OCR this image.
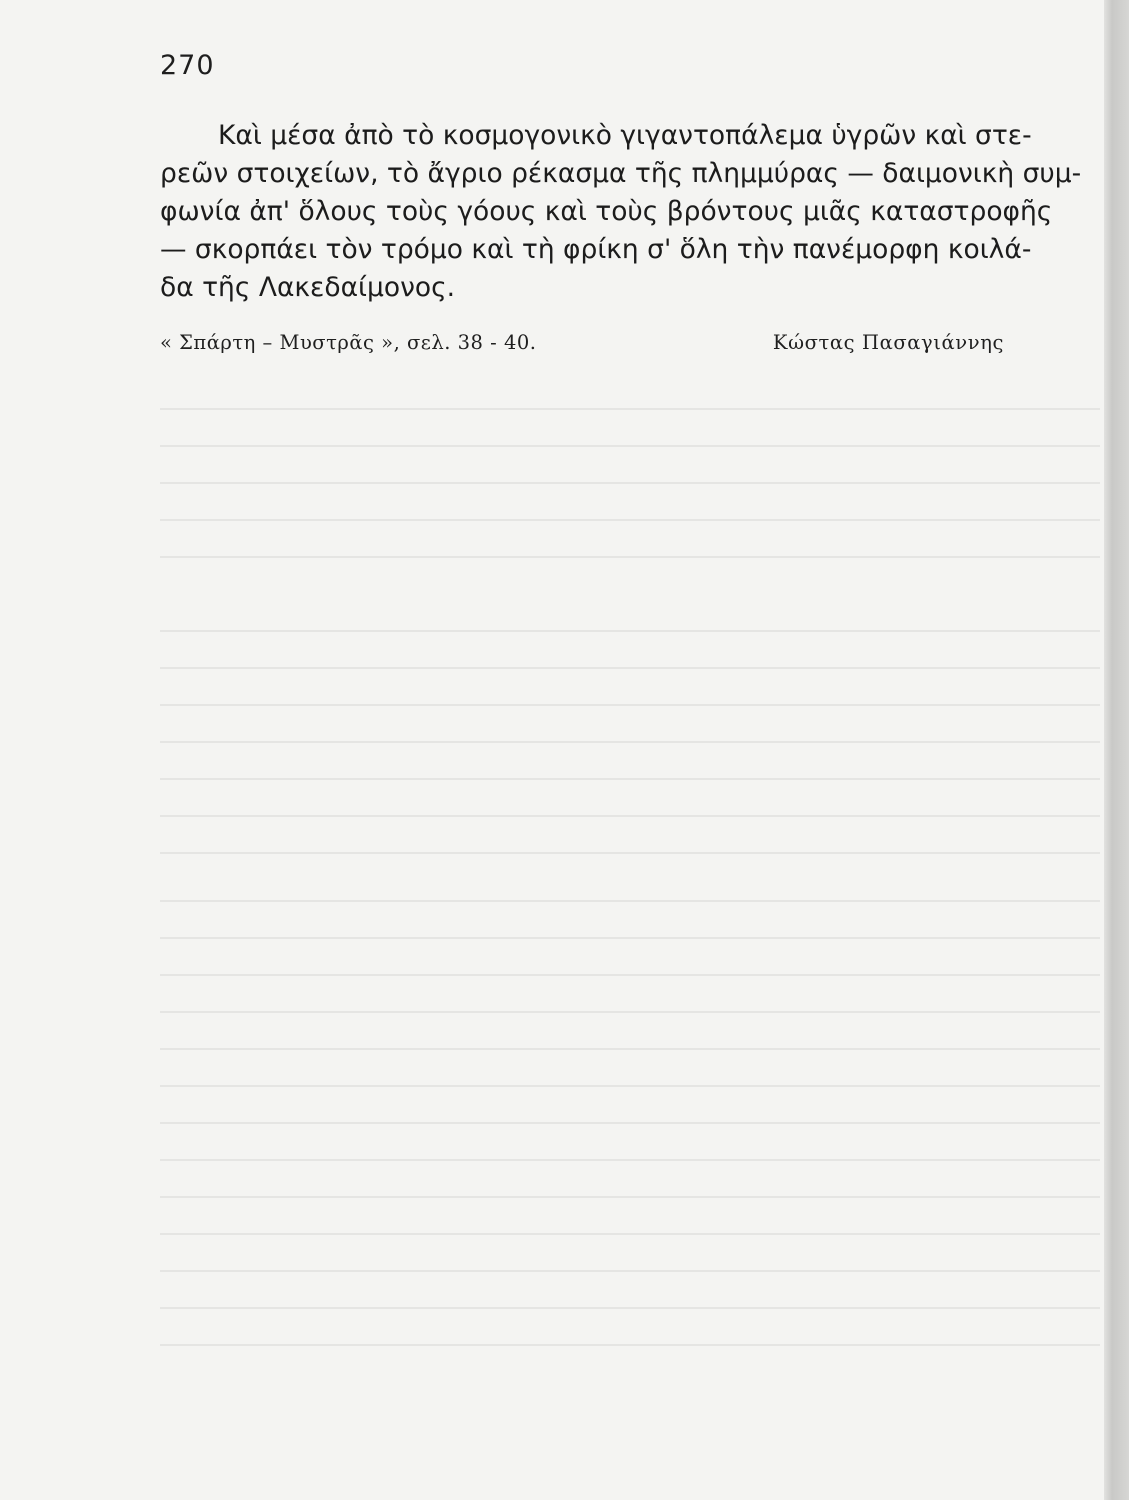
270

Καὶ μέσα ἀπὸ τὸ κοσμογονικὸ γιγαντοπάλεμα ὑγρῶν καὶ στε-
ρεῶν στοιχείων, τὸ ἄγριο ρέκασμα τῆς πλημμύρας — δαιμονικὴ συμ-
φωνία ἀπ' ὅλους τοὺς γόους καὶ τοὺς βρόντους μιᾶς καταστροφῆς
— σκορπάει τὸν τρόμο καὶ τὴ φρίκη σ' ὅλη τὴν πανέμορφη κοιλά-
δα τῆς Λακεδαίμονος.

« Σπάρτη – Μυστρᾶς », σελ. 38 - 40.	Κώστας Πασαγιάννης
